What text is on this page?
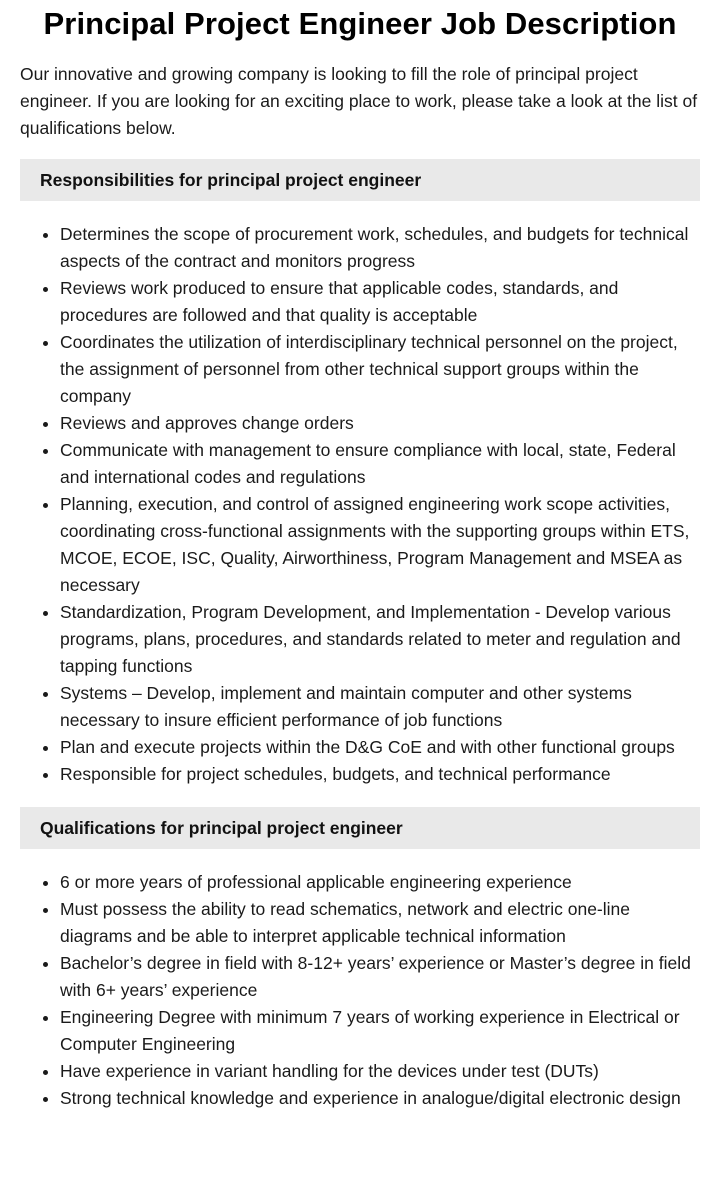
Principal Project Engineer Job Description

Our innovative and growing company is looking to fill the role of principal project engineer. If you are looking for an exciting place to work, please take a look at the list of qualifications below.

Responsibilities for principal project engineer
• Determines the scope of procurement work, schedules, and budgets for technical aspects of the contract and monitors progress
• Reviews work produced to ensure that applicable codes, standards, and procedures are followed and that quality is acceptable
• Coordinates the utilization of interdisciplinary technical personnel on the project, the assignment of personnel from other technical support groups within the company
• Reviews and approves change orders
• Communicate with management to ensure compliance with local, state, Federal and international codes and regulations
• Planning, execution, and control of assigned engineering work scope activities, coordinating cross-functional assignments with the supporting groups within ETS, MCOE, ECOE, ISC, Quality, Airworthiness, Program Management and MSEA as necessary
• Standardization, Program Development, and Implementation - Develop various programs, plans, procedures, and standards related to meter and regulation and tapping functions
• Systems – Develop, implement and maintain computer and other systems necessary to insure efficient performance of job functions
• Plan and execute projects within the D&G CoE and with other functional groups
• Responsible for project schedules, budgets, and technical performance
Qualifications for principal project engineer
• 6 or more years of professional applicable engineering experience
• Must possess the ability to read schematics, network and electric one-line diagrams and be able to interpret applicable technical information
• Bachelor’s degree in field with 8-12+ years’ experience or Master’s degree in field with 6+ years’ experience
• Engineering Degree with minimum 7 years of working experience in Electrical or Computer Engineering
• Have experience in variant handling for the devices under test (DUTs)
• Strong technical knowledge and experience in analogue/digital electronic design
